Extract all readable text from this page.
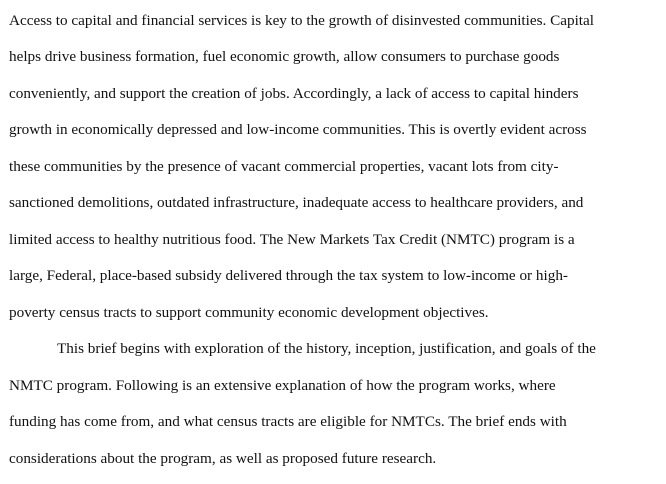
Access to capital and financial services is key to the growth of disinvested communities. Capital
helps drive business formation, fuel economic growth, allow consumers to purchase goods
conveniently, and support the creation of jobs. Accordingly, a lack of access to capital hinders
growth in economically depressed and low-income communities. This is overtly evident across
these communities by the presence of vacant commercial properties, vacant lots from city-
sanctioned demolitions, outdated infrastructure, inadequate access to healthcare providers, and
limited access to healthy nutritious food. The New Markets Tax Credit (NMTC) program is a
large, Federal, place-based subsidy delivered through the tax system to low-income or high-
poverty census tracts to support community economic development objectives.
This brief begins with exploration of the history, inception, justification, and goals of the
NMTC program. Following is an extensive explanation of how the program works, where
funding has come from, and what census tracts are eligible for NMTCs. The brief ends with
considerations about the program, as well as proposed future research.
